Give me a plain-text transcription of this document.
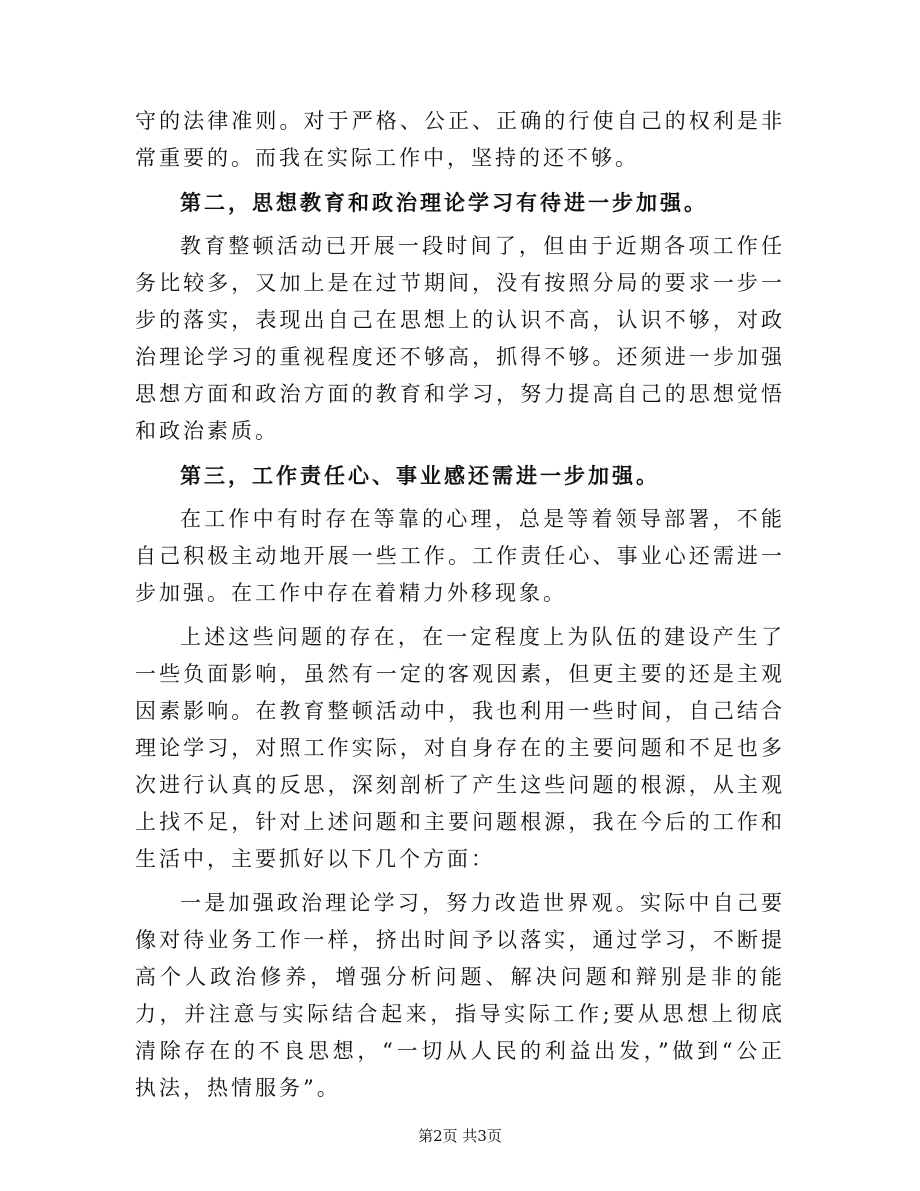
守的法律准则。对于严格、公正、正确的行使自己的权利是非常重要的。而我在实际工作中，坚持的还不够。

第二，思想教育和政治理论学习有待进一步加强。

教育整顿活动已开展一段时间了，但由于近期各项工作任务比较多，又加上是在过节期间，没有按照分局的要求一步一步的落实，表现出自己在思想上的认识不高，认识不够，对政治理论学习的重视程度还不够高，抓得不够。还须进一步加强思想方面和政治方面的教育和学习，努力提高自己的思想觉悟和政治素质。

第三，工作责任心、事业感还需进一步加强。

在工作中有时存在等靠的心理，总是等着领导部署，不能自己积极主动地开展一些工作。工作责任心、事业心还需进一步加强。在工作中存在着精力外移现象。

上述这些问题的存在，在一定程度上为队伍的建设产生了一些负面影响，虽然有一定的客观因素，但更主要的还是主观因素影响。在教育整顿活动中，我也利用一些时间，自己结合理论学习，对照工作实际，对自身存在的主要问题和不足也多次进行认真的反思，深刻剖析了产生这些问题的根源，从主观上找不足，针对上述问题和主要问题根源，我在今后的工作和生活中，主要抓好以下几个方面：

一是加强政治理论学习，努力改造世界观。实际中自己要像对待业务工作一样，挤出时间予以落实，通过学习，不断提高个人政治修养，增强分析问题、解决问题和辩别是非的能力，并注意与实际结合起来，指导实际工作;要从思想上彻底清除存在的不良思想，“一切从人民的利益出发，”做到“公正执法，热情服务”。

第2页 共3页
